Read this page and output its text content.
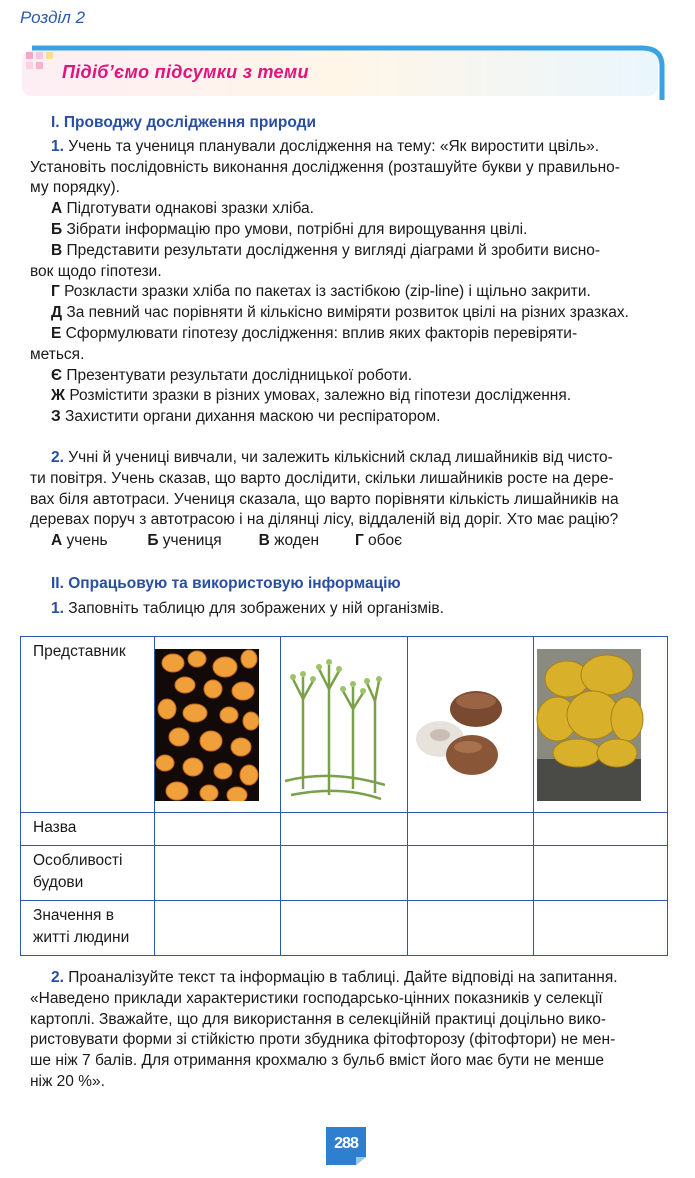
Розділ 2
Підіб’ємо підсумки з теми

І. Проводжу дослідження природи

1. Учень та учениця планували дослідження на тему: «Як виростити цвіль».

Установіть послідовність виконання дослідження (розташуйте букви у правильно-

му порядку).

А Підготувати однакові зразки хліба.

Б Зібрати інформацію про умови, потрібні для вирощування цвілі.

В Представити результати дослідження у вигляді діаграми й зробити висно-

вок щодо гіпотези.

Г Розкласти зразки хліба по пакетах із застібкою (zip-line) і щільно закрити.

Д За певний час порівняти й кількісно виміряти розвиток цвілі на різних зразках.

Е Сформулювати гіпотезу дослідження: вплив яких факторів перевіряти-

меться.

Є Презентувати результати дослідницької роботи.

Ж Розмістити зразки в різних умовах, залежно від гіпотези дослідження.

З Захистити органи дихання маскою чи респіратором.

2. Учні й учениці вивчали, чи залежить кількісний склад лишайників від чисто-

ти повітря. Учень сказав, що варто дослідити, скільки лишайників росте на дере-

вах біля автотраси. Учениця сказала, що варто порівняти кількість лишайників на

деревах поруч з автотрасою і на ділянці лісу, віддаленій від доріг. Хто має рацію?

А учень	Б учениця В жоден Г обоє

ІІ. Опрацьовую та використовую інформацію

1. Заповніть таблицю для зображених у ній організмів.

Представник				
Назва				
Особливості будови				
Значення в житті людини				

2. Проаналізуйте текст та інформацію в таблиці. Дайте відповіді на запитання.

«Наведено приклади характеристики господарсько-цінних показників у селекції

картоплі. Зважайте, що для використання в селекційній практиці доцільно вико-

ристовувати форми зі стійкістю проти збудника фітофторозу (фітофтори) не мен-

ше ніж 7 балів. Для отримання крохмалю з бульб вміст його має бути не менше

ніж 20 %».

288
